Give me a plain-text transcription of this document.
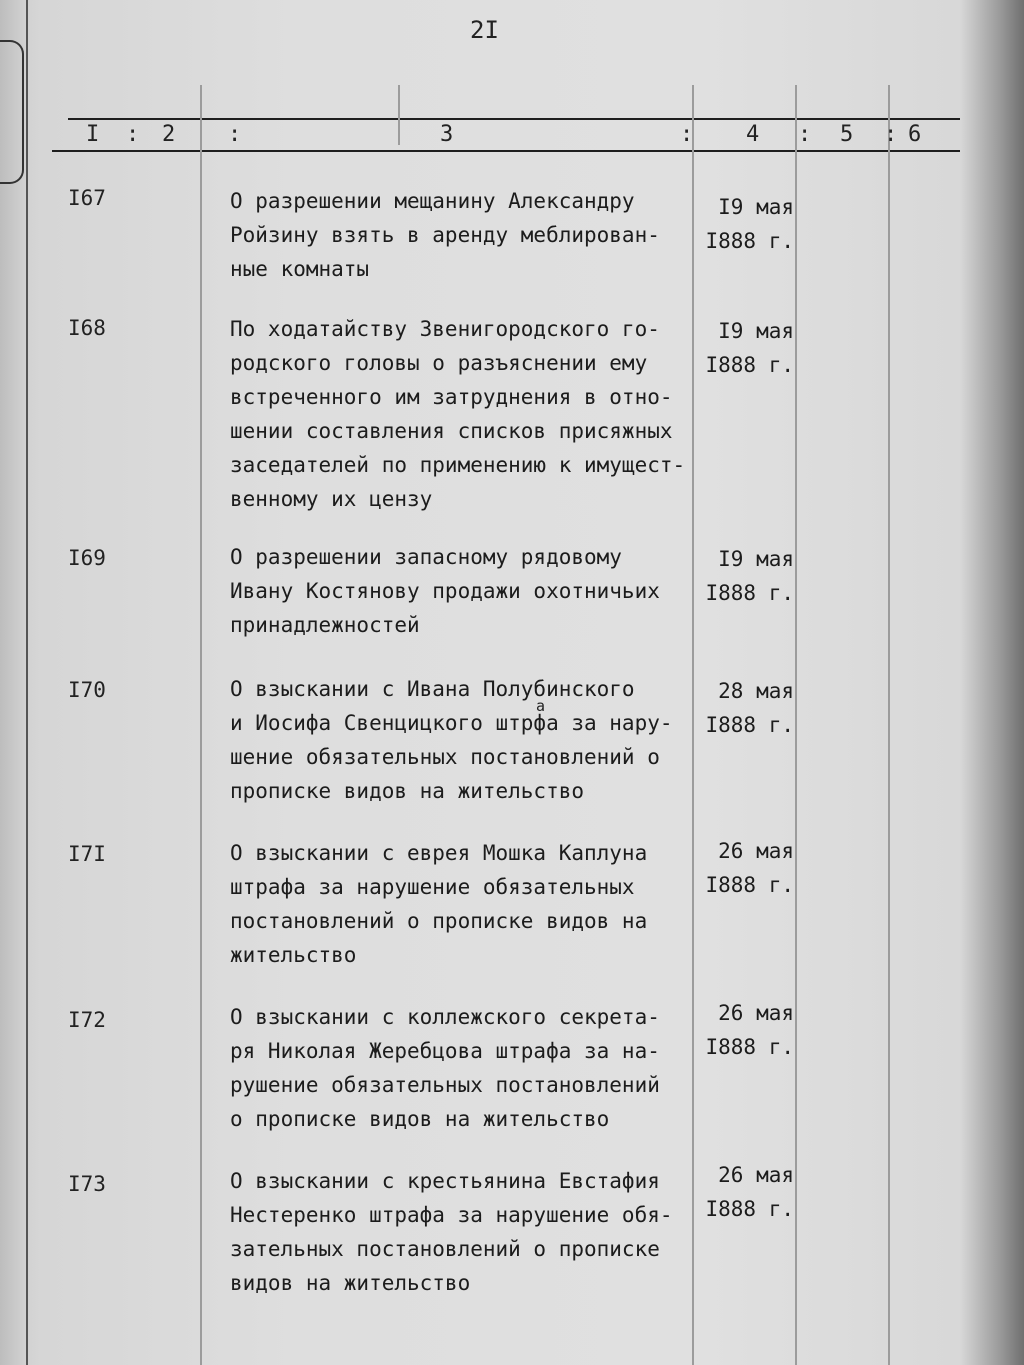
2I
I : 2 :	3	: 4 : 5 : 6
I67	О разрешении мещанину Александру
Ройзину взять в аренду меблирован-
ные комнаты
I9 мая
I888 г.
I68	По ходатайству Звенигородского го-
родского головы о разъяснении ему
встреченного им затруднения в отно-
шении составления списков присяжных
заседателей по применению к имущест-
венному их цензу
I9 мая
I888 г.
I69	О разрешении запасному рядовому
Ивану Костянову продажи охотничьих
принадлежностей
I9 мая
I888 г.
I70	О взыскании с Ивана Полубинского
и Иосифа Свенцицкого штрфа за нару-
шение обязательных постановлений о
прописке видов на жительство
28 мая
I888 г.
а
I7I	О взыскании с еврея Мошка Каплуна
штрафа за нарушение обязательных
постановлений о прописке видов на
жительство
26 мая
I888 г.
I72	О взыскании с коллежского секрета-
ря Николая Жеребцова штрафа за на-
рушение обязательных постановлений
о прописке видов на жительство
26 мая
I888 г.
I73	О взыскании с крестьянина Евстафия
Нестеренко штрафа за нарушение обя-
зательных постановлений о прописке
видов на жительство
26 мая
I888 г.
